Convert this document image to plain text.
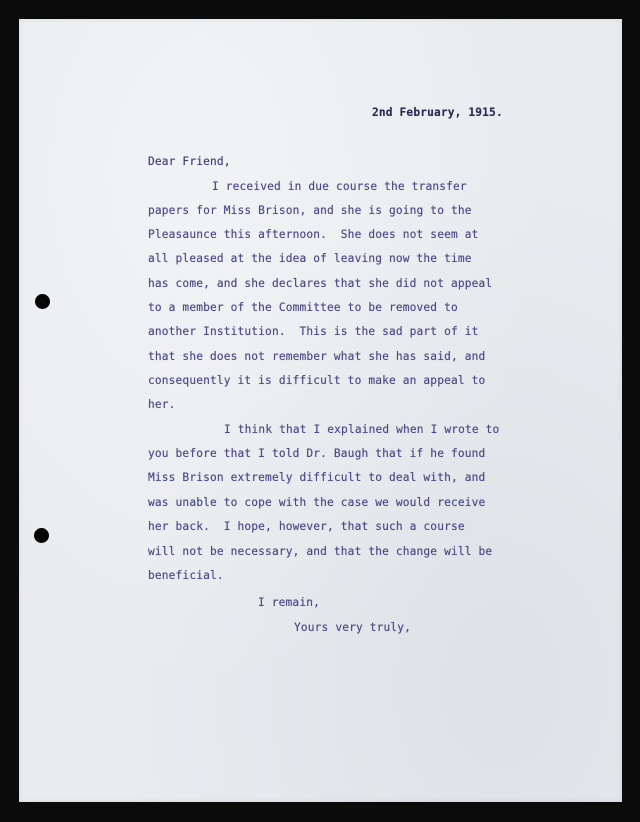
2nd February, 1915.
Dear Friend,
I received in due course the transfer
papers for Miss Brison, and she is going to the
Pleasaunce this afternoon.  She does not seem at
all pleased at the idea of leaving now the time
has come, and she declares that she did not appeal
to a member of the Committee to be removed to
another Institution.  This is the sad part of it
that she does not remember what she has said, and
consequently it is difficult to make an appeal to
her.
I think that I explained when I wrote to
you before that I told Dr. Baugh that if he found
Miss Brison extremely difficult to deal with, and
was unable to cope with the case we would receive
her back.  I hope, however, that such a course
will not be necessary, and that the change will be
beneficial.
I remain,
Yours very truly,
